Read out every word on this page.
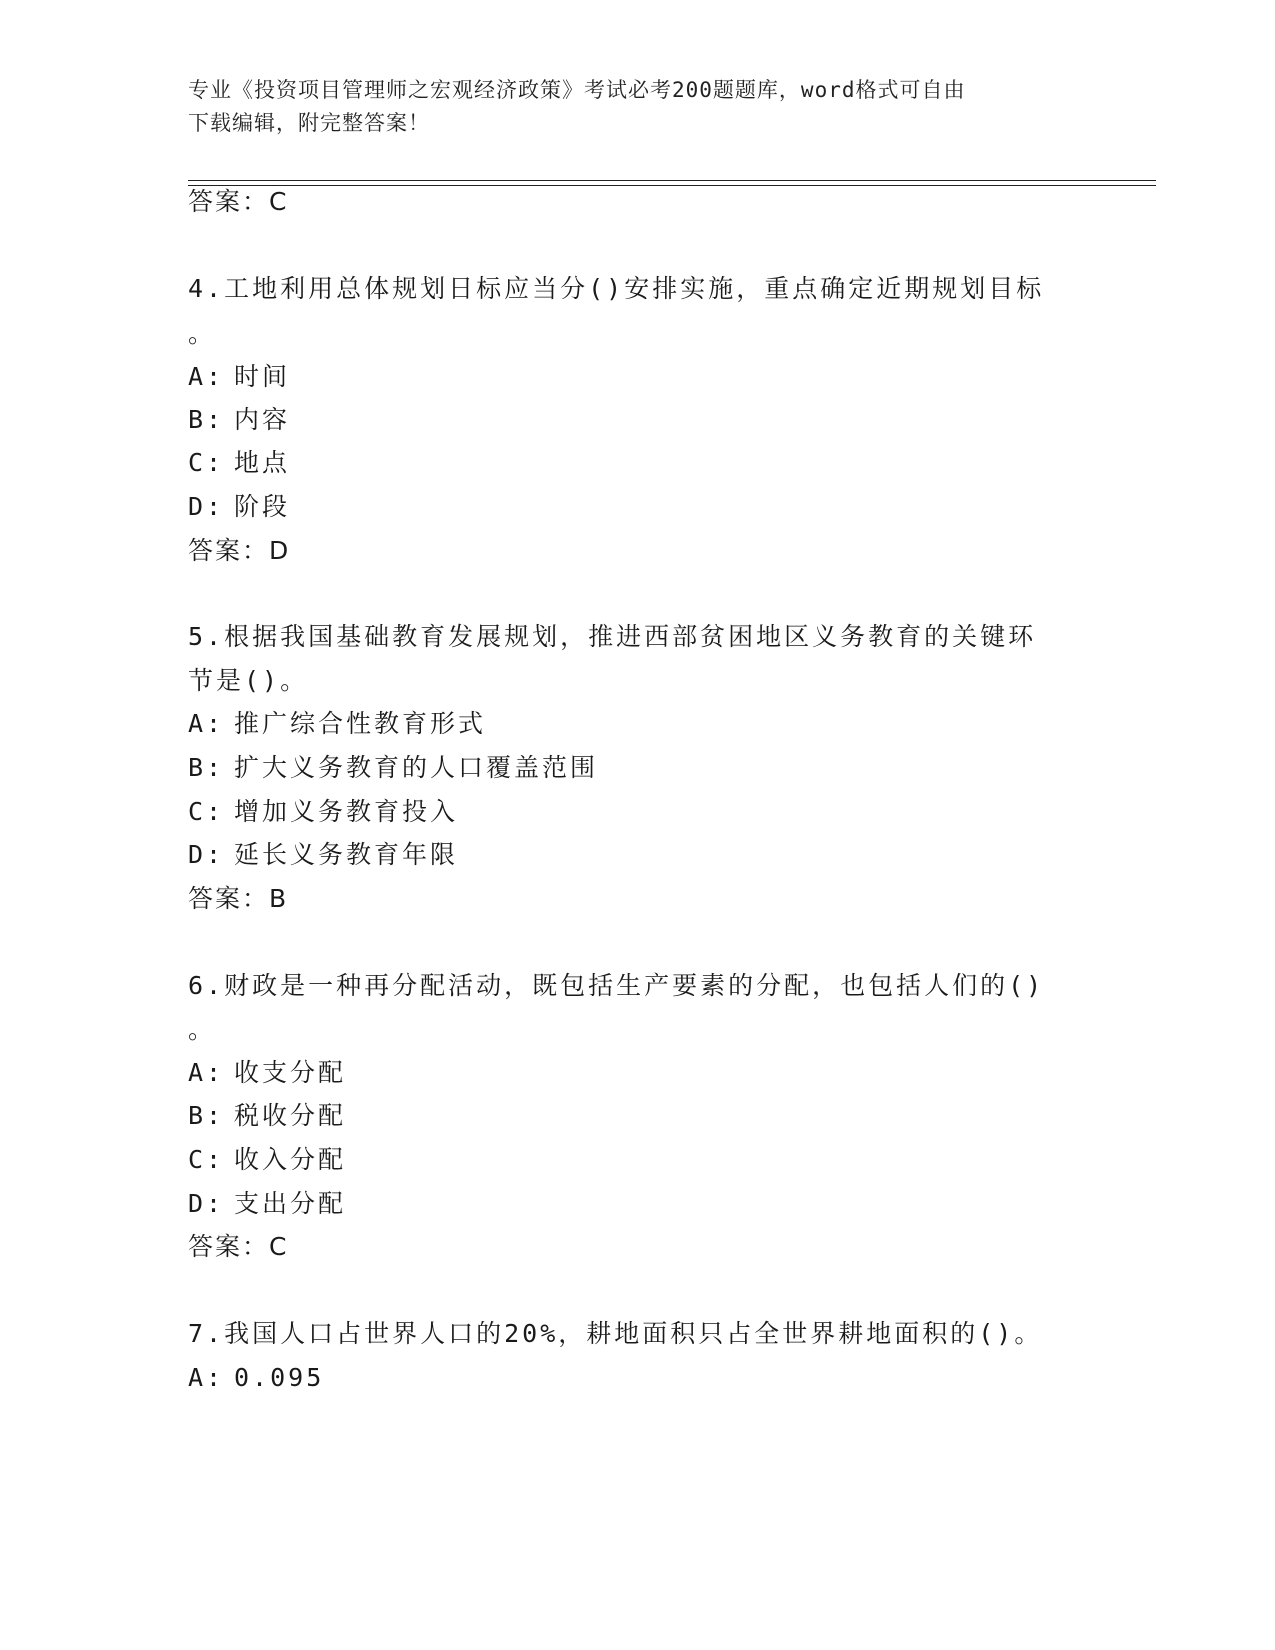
专业《投资项目管理师之宏观经济政策》考试必考200题题库，word格式可自由
下载编辑，附完整答案！
答案：C
4.工地利用总体规划日标应当分()安排实施，重点确定近期规划目标
。
A: 时间
B: 内容
C: 地点
D: 阶段
答案：D
5.根据我国基础教育发展规划，推进西部贫困地区义务教育的关键环
节是()。
A: 推广综合性教育形式
B: 扩大义务教育的人口覆盖范围
C: 增加义务教育投入
D: 延长义务教育年限
答案：B
6.财政是一种再分配活动，既包括生产要素的分配，也包括人们的()
。
A: 收支分配
B: 税收分配
C: 收入分配
D: 支出分配
答案：C
7.我国人口占世界人口的20%，耕地面积只占全世界耕地面积的()。
A: 0.095
